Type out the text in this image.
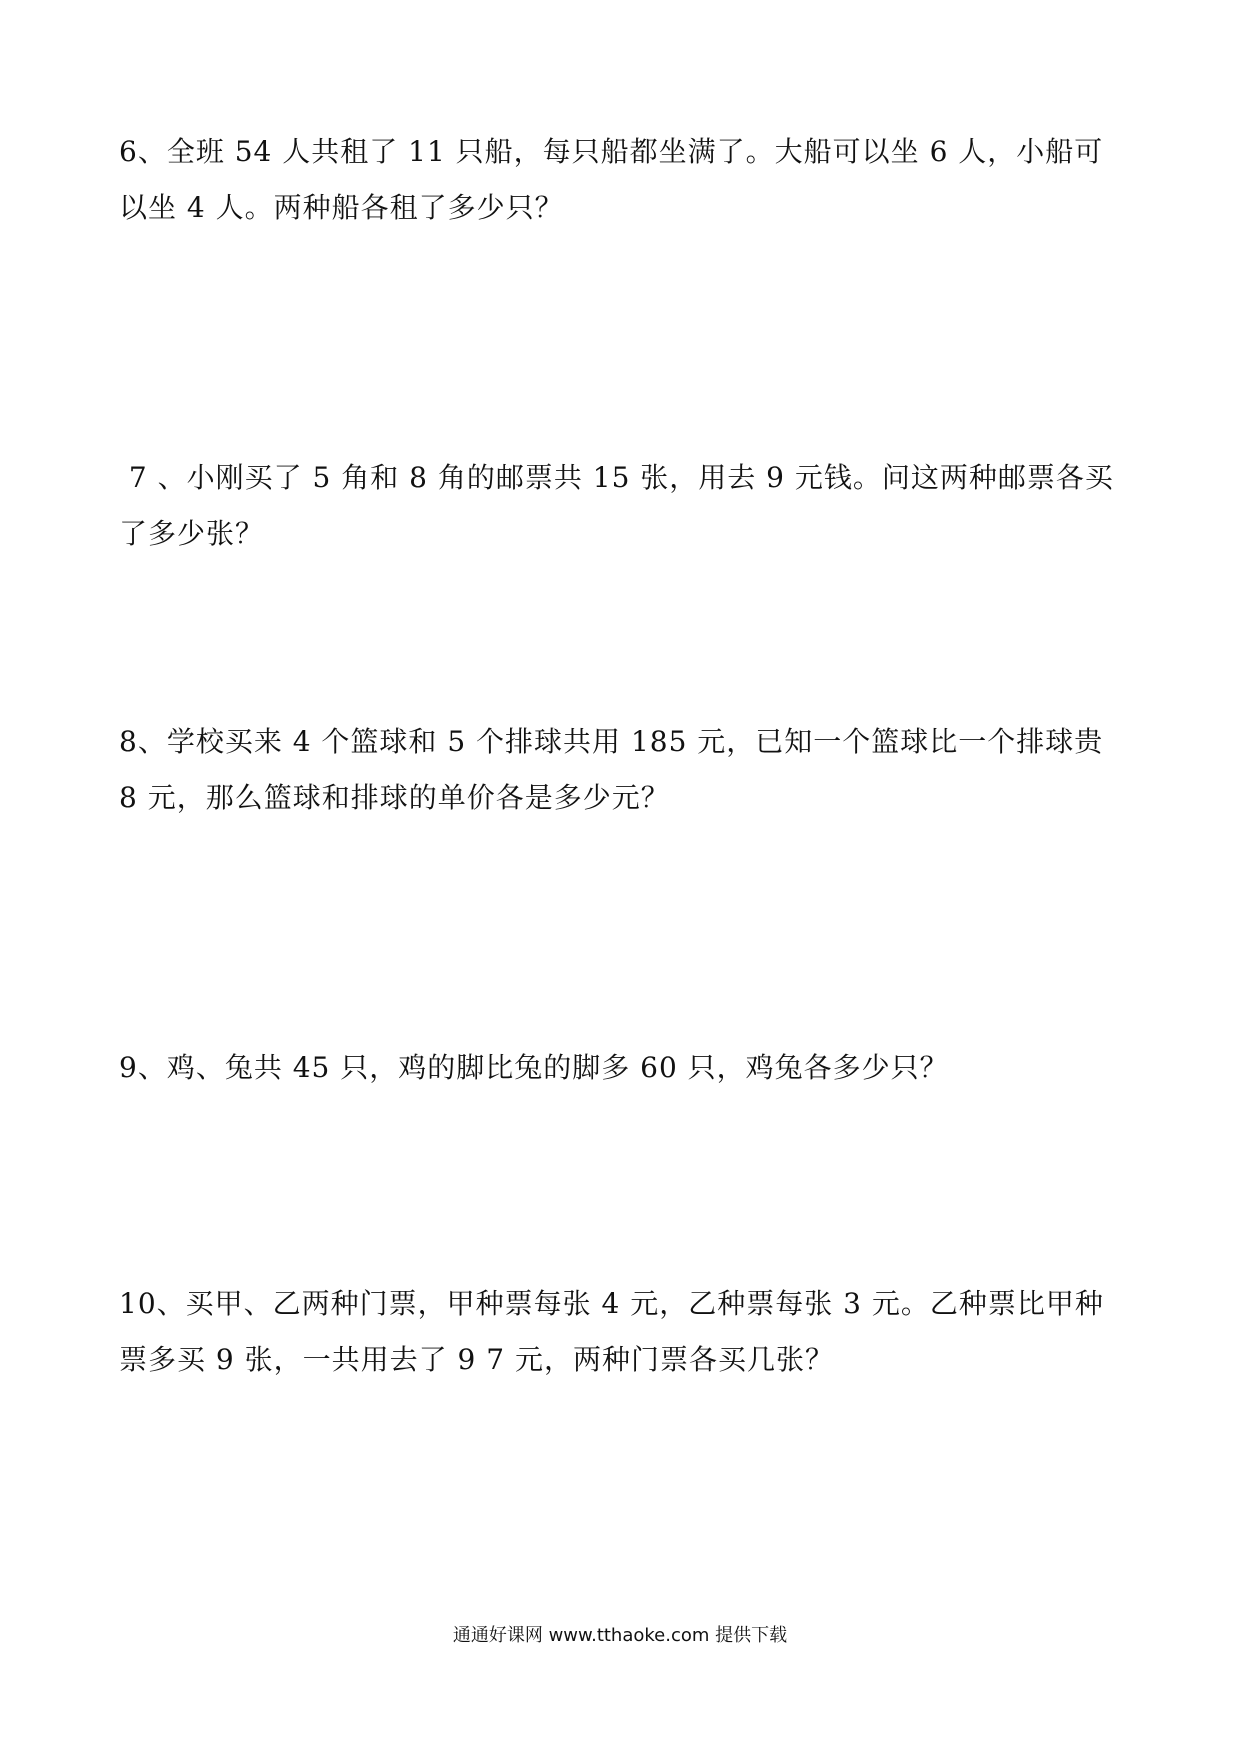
6、全班 54 人共租了 11 只船，每只船都坐满了。大船可以坐 6 人，小船可以坐 4 人。两种船各租了多少只？

7 、小刚买了 5 角和 8 角的邮票共 15 张，用去 9 元钱。问这两种邮票各买了多少张？

8、学校买来 4 个篮球和 5 个排球共用 185 元，已知一个篮球比一个排球贵 8 元，那么篮球和排球的单价各是多少元？

9、鸡、兔共 45 只，鸡的脚比兔的脚多 60 只，鸡兔各多少只？

10、买甲、乙两种门票，甲种票每张 4 元，乙种票每张 3 元。乙种票比甲种票多买 9 张，一共用去了 9 7 元，两种门票各买几张？

通通好课网 www.tthaoke.com 提供下载
